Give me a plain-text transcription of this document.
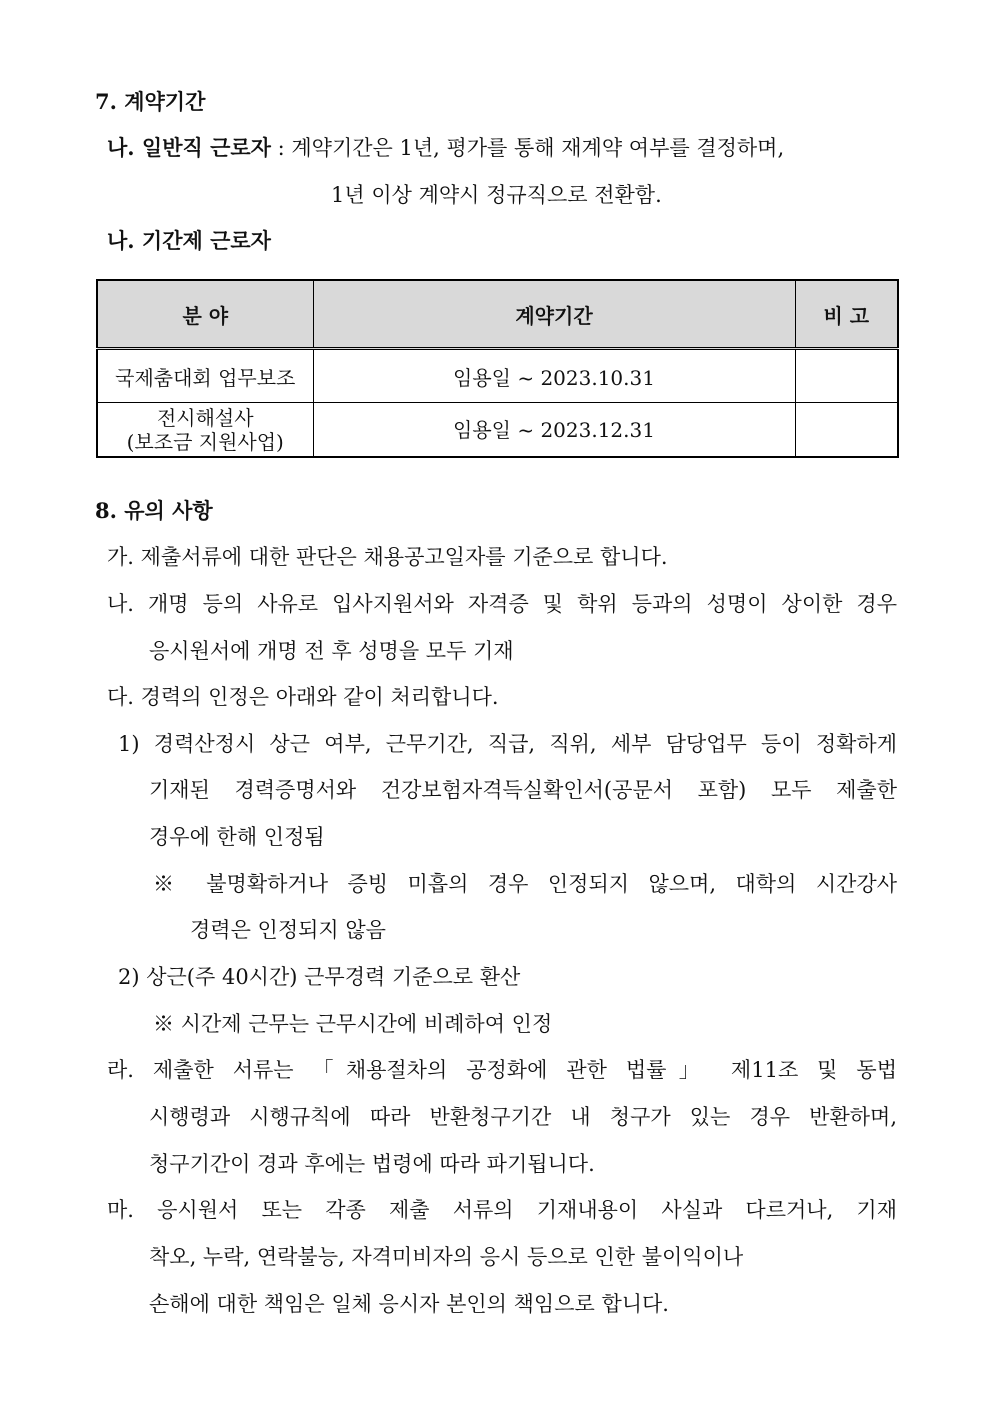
7. 계약기간
나. 일반직 근로자 : 계약기간은 1년, 평가를 통해 재계약 여부를 결정하며,
1년 이상 계약시 정규직으로 전환함.
나. 기간제 근로자
분 야	계약기간	비 고
국제춤대회 업무보조	임용일 ~ 2023.10.31	

전시해설사
(보조금 지원사업)	임용일 ~ 2023.12.31	
8. 유의 사항
가. 제출서류에 대한 판단은 채용공고일자를 기준으로 합니다.
나. 개명 등의 사유로 입사지원서와 자격증 및 학위 등과의 성명이 상이한 경우
응시원서에 개명 전 후 성명을 모두 기재
다. 경력의 인정은 아래와 같이 처리합니다.
1) 경력산정시 상근 여부, 근무기간, 직급, 직위, 세부 담당업무 등이 정확하게
기재된 경력증명서와 건강보험자격득실확인서(공문서 포함) 모두 제출한
경우에 한해 인정됨
※ 불명확하거나 증빙 미흡의 경우 인정되지 않으며, 대학의 시간강사
경력은 인정되지 않음
2) 상근(주 40시간) 근무경력 기준으로 환산
※ 시간제 근무는 근무시간에 비례하여 인정
라. 제출한 서류는 「채용절차의 공정화에 관한 법률」 제11조 및 동법
시행령과 시행규칙에 따라 반환청구기간 내 청구가 있는 경우 반환하며,
청구기간이 경과 후에는 법령에 따라 파기됩니다.
마. 응시원서 또는 각종 제출 서류의 기재내용이 사실과 다르거나, 기재
착오, 누락, 연락불능, 자격미비자의 응시 등으로 인한 불이익이나
손해에 대한 책임은 일체 응시자 본인의 책임으로 합니다.
